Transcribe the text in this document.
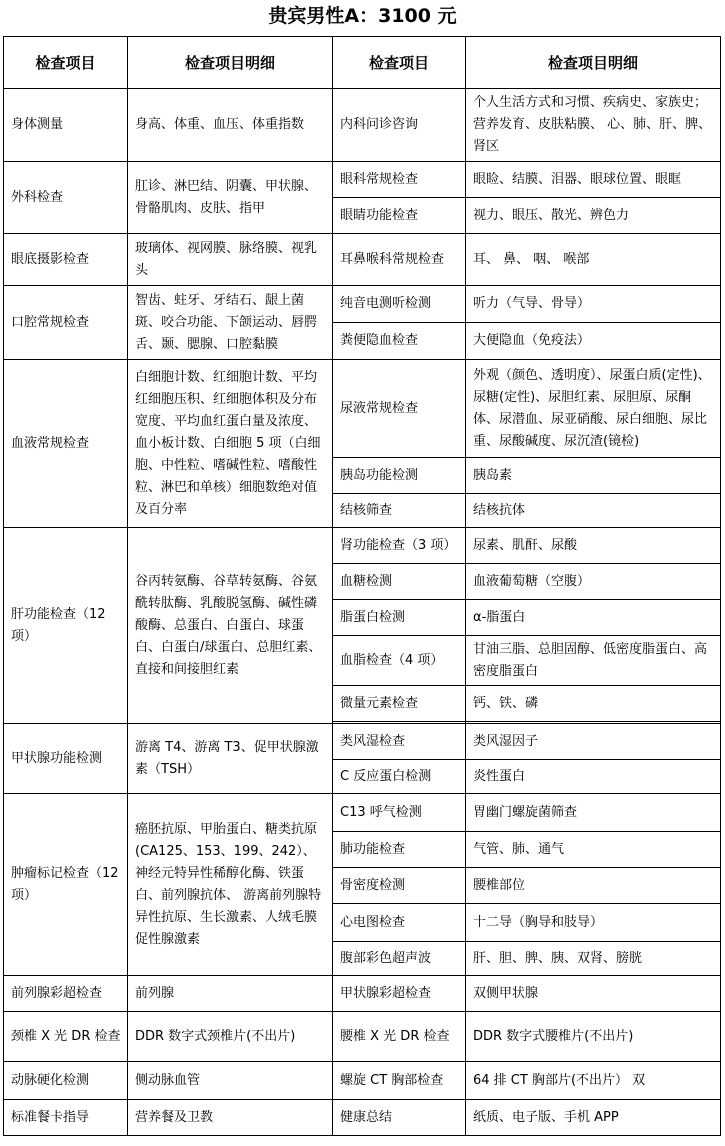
贵宾男性A：3100 元
检查项目	检查项目明细	检查项目	检查项目明细
身体测量	身高、体重、血压、体重指数	内科问诊咨询	个人生活方式和习惯、疾病史、家族史；营养发育、皮肤粘膜、 心、肺、肝、脾、肾区
外科检查	肛诊、淋巴结、阴囊、甲状腺、骨骼肌肉、皮肤、指甲	眼科常规检查	眼睑、结膜、泪器、眼球位置、眼眶
		眼睛功能检查	视力、眼压、散光、辨色力
眼底摄影检查	玻璃体、视网膜、脉络膜、视乳头	耳鼻喉科常规检查	耳、 鼻、 咽、 喉部
口腔常规检查	智齿、蛀牙、牙结石、龈上菌斑、咬合功能、下颌运动、唇腭舌、颞、腮腺、口腔黏膜	纯音电测听检测	听力（气导、骨导）
		粪便隐血检查	大便隐血（免疫法）
血液常规检查	白细胞计数、红细胞计数、平均红细胞压积、红细胞体积及分布宽度、平均血红蛋白量及浓度、血小板计数、白细胞 5 项（白细胞、中性粒、嗜碱性粒、嗜酸性粒、淋巴和单核）细胞数绝对值及百分率	尿液常规检查	外观（颜色、透明度）、尿蛋白质(定性)、尿糖(定性)、尿胆红素、尿胆原、尿酮体、尿潜血、尿亚硝酸、尿白细胞、尿比重、尿酸碱度、尿沉渣(镜检)
		胰岛功能检测	胰岛素
		结核筛查	结核抗体
肝功能检查（12 项）	谷丙转氨酶、谷草转氨酶、谷氨酰转肽酶、乳酸脱氢酶、碱性磷酸酶、总蛋白、白蛋白、球蛋白、白蛋白/球蛋白、总胆红素、直接和间接胆红素	肾功能检查（3 项）	尿素、肌酐、尿酸
		血糖检测	血液葡萄糖（空腹）
		脂蛋白检测	α-脂蛋白
		血脂检查（4 项）	甘油三脂、总胆固醇、低密度脂蛋白、高密度脂蛋白
		微量元素检查	钙、铁、磷

甲状腺功能检测	游离 T4、游离 T3、促甲状腺激素（TSH）	类风湿检查	类风湿因子
		C 反应蛋白检测	炎性蛋白
肿瘤标记检查（12 项）	癌胚抗原、甲胎蛋白、糖类抗原(CA125、153、199、242）、神经元特异性稀醇化酶、铁蛋白、前列腺抗体、 游离前列腺特异性抗原、生长激素、人绒毛膜促性腺激素	C13 呼气检测	胃幽门螺旋菌筛查
		肺功能检查	气管、肺、通气
		骨密度检测	腰椎部位
		心电图检查	十二导（胸导和肢导）
		腹部彩色超声波	肝、胆、脾、胰、双肾、膀胱
前列腺彩超检查	前列腺	甲状腺彩超检查	双侧甲状腺
颈椎 X 光 DR 检查	DDR 数字式颈椎片(不出片)	腰椎 X 光 DR 检查	DDR 数字式腰椎片(不出片)
动脉硬化检测	侧动脉血管	螺旋 CT 胸部检查	64 排 CT 胸部片(不出片） 双
标准餐卡指导	营养餐及卫教	健康总结	纸质、电子版、手机 APP
